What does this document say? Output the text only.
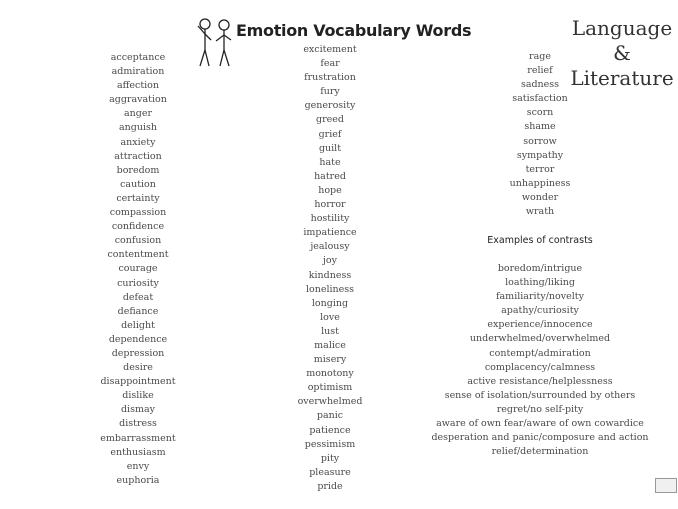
Emotion Vocabulary Words	Language &
Literature
acceptance
admiration
affection
aggravation
anger
anguish
anxiety
attraction
boredom
caution
certainty
compassion
confidence
confusion
contentment
courage
curiosity
defeat
defiance
delight
dependence
depression
desire
disappointment
dislike
dismay
distress
embarrassment
enthusiasm
envy
euphoria
excitement
fear
frustration
fury
generosity
greed
grief
guilt
hate
hatred
hope
horror
hostility
impatience
jealousy
joy
kindness
loneliness
longing
love
lust
malice
misery
monotony
optimism
overwhelmed
panic
patience
pessimism
pity
pleasure
pride
rage
relief
sadness
satisfaction
scorn
shame
sorrow
sympathy
terror
unhappiness
wonder
wrath
Examples of contrasts
boredom/intrigue
loathing/liking
familiarity/novelty
apathy/curiosity
experience/innocence
underwhelmed/overwhelmed
contempt/admiration
complacency/calmness
active resistance/helplessness
sense of isolation/surrounded by others
regret/no self-pity
aware of own fear/aware of own cowardice
desperation and panic/composure and action
relief/determination
